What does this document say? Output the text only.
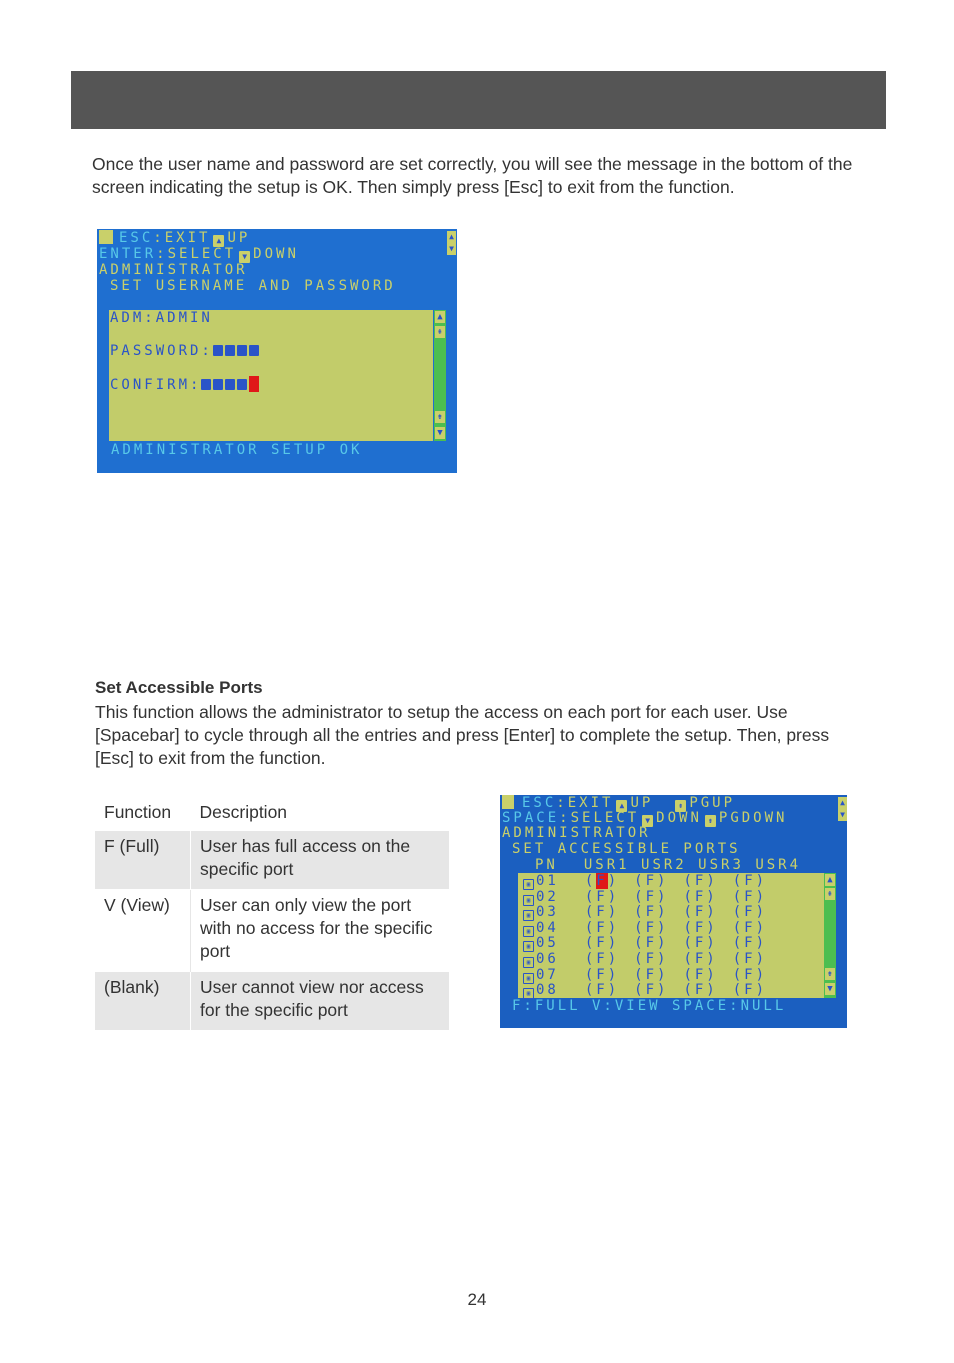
Once the user name and password are set correctly, you will see the message in the bottom of the screen indicating the setup is OK. Then simply press [Esc] to exit from the function.

ESC:EXIT ▲ UP

ENTER:SELECT ▼ DOWN

▲
▼

ADMINISTRATOR

SET USERNAME AND PASSWORD

ADM:ADMIN

PASSWORD:

CONFIRM:

▲

⇞

⇟

▼

ADMINISTRATOR SETUP OK

Set Accessible Ports

This function allows the administrator to setup the access on each port for each user. Use [Spacebar] to cycle through all the entries and press [Enter] to complete the setup. Then, press [Esc] to exit from the function.

Function	Description
F (Full)	User has full access on the specific port
V (View)	User can only view the port with no access for the specific port
(Blank)	User cannot view nor access for the specific port

ESC:EXIT ▲ UP	⇞ PGUP

SPACE:SELECT ▼ DOWN ⇟ PGDOWN

▲
▼

ADMINISTRATOR

SET ACCESSIBLE PORTS

PN USR1 USR2 USR3 USR4

▣ 01 (F) (F) (F) (F)
▣ 02 (F) (F) (F) (F)
▣ 03 (F) (F) (F) (F)
▣ 04 (F) (F) (F) (F)
▣ 05 (F) (F) (F) (F)
▣ 06 (F) (F) (F) (F)
▣ 07 (F) (F) (F) (F)
▣ 08 (F) (F) (F) (F)

▲

⇞

⇟

▼

F:FULL V:VIEW SPACE:NULL

24
